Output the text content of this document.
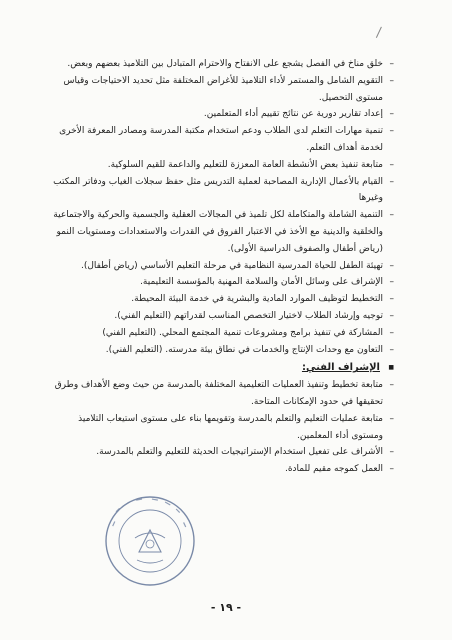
– خلق مناخ في الفصل يشجع على الانفتاح والاحترام المتبادل بين التلاميذ بعضهم وبعض.
– التقويم الشامل والمستمر لأداء التلاميذ للأغراض المختلفة مثل تحديد الاحتياجات وقياس مستوى التحصيل.
– إعداد تقارير دورية عن نتائج تقييم أداء المتعلمين.
– تنمية مهارات التعلم لدى الطلاب ودعم استخدام مكتبة المدرسة ومصادر المعرفة الأخرى لخدمة أهداف التعلم.
– متابعة تنفيذ بعض الأنشطة العامة المعززة للتعليم والداعمة للقيم السلوكية.
– القيام بالأعمال الإدارية المصاحبة لعملية التدريس مثل حفظ سجلات الغياب ودفاتر المكتب وغيرها
– التنمية الشاملة والمتكاملة لكل تلميذ في المجالات العقلية والجسمية والحركية والاجتماعية والخلقية والدينية مع الأخذ في الاعتبار الفروق في القدرات والاستعدادات ومستويات النمو (رياض أطفال والصفوف الدراسية الأولى).
– تهيئة الطفل للحياة المدرسية النظامية في مرحلة التعليم الأساسي (رياض أطفال).
– الإشراف على وسائل الأمان والسلامة المهنية بالمؤسسة التعليمية.
– التخطيط لتوظيف الموارد المادية والبشرية في خدمة البيئة المحيطة.
– توجيه وإرشاد الطلاب لاختيار التخصص المناسب لقدراتهم (التعليم الفني).
– المشاركة في تنفيذ برامج ومشروعات تنمية المجتمع المحلي. (التعليم الفني)
– التعاون مع وحدات الإنتاج والخدمات في نطاق بيئة مدرسته. (التعليم الفني).
■ الإشراف الفني:
– متابعة تخطيط وتنفيذ العمليات التعليمية المختلفة بالمدرسة من حيث وضع الأهداف وطرق تحقيقها في حدود الإمكانات المتاحة.
– متابعة عمليات التعليم والتعلم بالمدرسة وتقويمها بناء على مستوى استيعاب التلاميذ ومستوى أداء المعلمين.
– الأشراف على تفعيل استخدام الإستراتيجيات الحديثة للتعليم والتعلم بالمدرسة.
– العمل كموجه مقيم للمادة.
- ١٩ -
